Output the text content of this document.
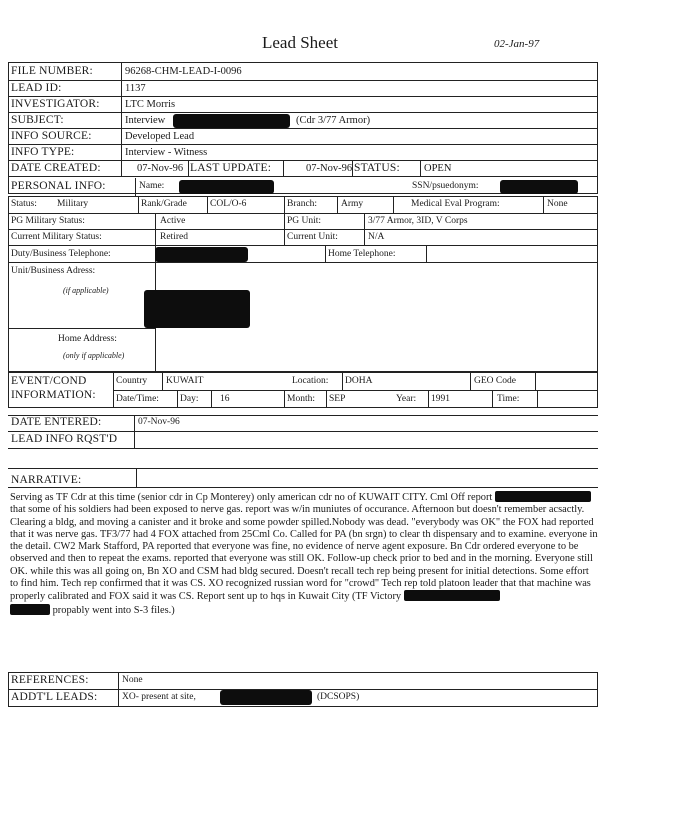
Lead Sheet	02-Jan-97
FILE NUMBER:	96268-CHM-LEAD-I-0096
LEAD ID:	1137
INVESTIGATOR: LTC Morris
SUBJECT:	Interview	(Cdr 3/77 Armor)
INFO SOURCE:	Developed Lead
INFO TYPE:	Interview - Witness
DATE CREATED:	07-Nov-96 LAST UPDATE:	07-Nov-96 STATUS: OPEN
PERSONAL INFO:	Name:	SSN/psuedonym:
Status: Military	Rank/Grade COL/O-6	Branch:	Army	Medical Eval Program:	None
PG Military Status:	Active	PG Unit:	3/77 Armor, 3ID, V Corps
Current Military Status:	Retired	Current Unit:	N/A
Duty/Business Telephone:	Home Telephone:
Unit/Business Adress:
(if applicable)
Home Address:
(only if applicable)
EVENT/COND
INFORMATION:
Country KUWAIT	Location: DOHA	GEO Code
Date/Time: Day: 16	Month: SEP	Year: 1991	Time:
DATE ENTERED:	07-Nov-96
LEAD INFO RQST'D
NARRATIVE:
Serving as TF Cdr at this time (senior cdr in Cp Monterey) only american cdr no of KUWAIT CITY. Cml Off report  that some of his soldiers had been exposed to nerve gas. report was w/in muniutes of occurance. Afternoon but doesn't remember acsactly. Clearing a bldg, and moving a canister and it broke and some powder spilled.Nobody was dead. "everybody was OK" the FOX had reported that it was nerve gas. TF3/77 had 4 FOX attached from 25Cml Co. Called for PA (bn srgn) to clear th dispensary and to examine. everyone in the detail. CW2 Mark Stafford, PA reported that everyone was fine, no evidence of nerve agent exposure. Bn Cdr ordered everyone to be observed and then to repeat the exams. reported that everyone was still OK. Follow-up check prior to bed and in the morning. Everyone still OK. while this was all going on, Bn XO and CSM had bldg secured. Doesn't recall tech rep being present for initial detections. Some effort to find him. Tech rep confirmed that it was CS. XO recognized russian word for "crowd" Tech rep told platoon leader that that machine was properly calibrated and FOX said it was CS. Report sent up to hqs in Kuwait City (TF Victory
propably went into S-3 files.)
REFERENCES:	None
ADDT'L LEADS:	XO- present at site,	(DCSOPS)
